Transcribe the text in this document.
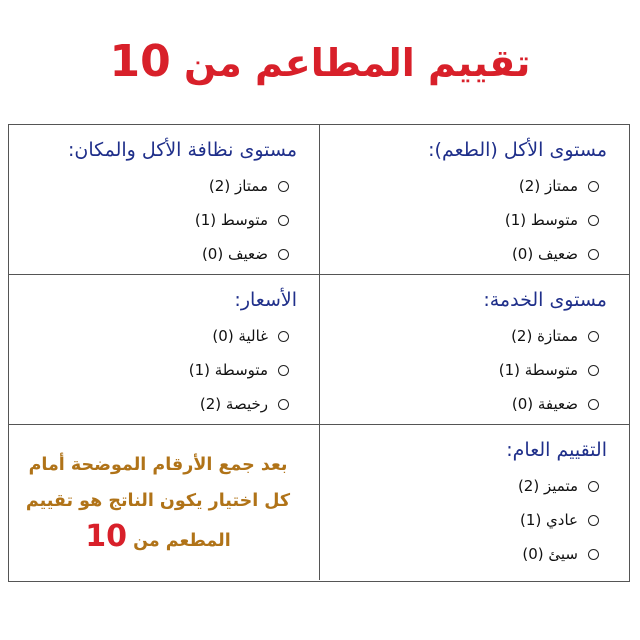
تقييم المطاعم من 10
مستوى الأكل (الطعم):
ممتاز (2)
متوسط (1)
ضعيف (0)
مستوى نظافة الأكل والمكان:
ممتاز (2)
متوسط (1)
ضعيف (0)
مستوى الخدمة:
ممتازة (2)
متوسطة (1)
ضعيفة (0)
الأسعار:
غالية (0)
متوسطة (1)
رخيصة (2)
التقييم العام:
متميز (2)
عادي (1)
سيئ (0)
بعد جمع الأرقام الموضحة أمام
كل اختيار يكون الناتج هو تقييم
المطعم من 10
